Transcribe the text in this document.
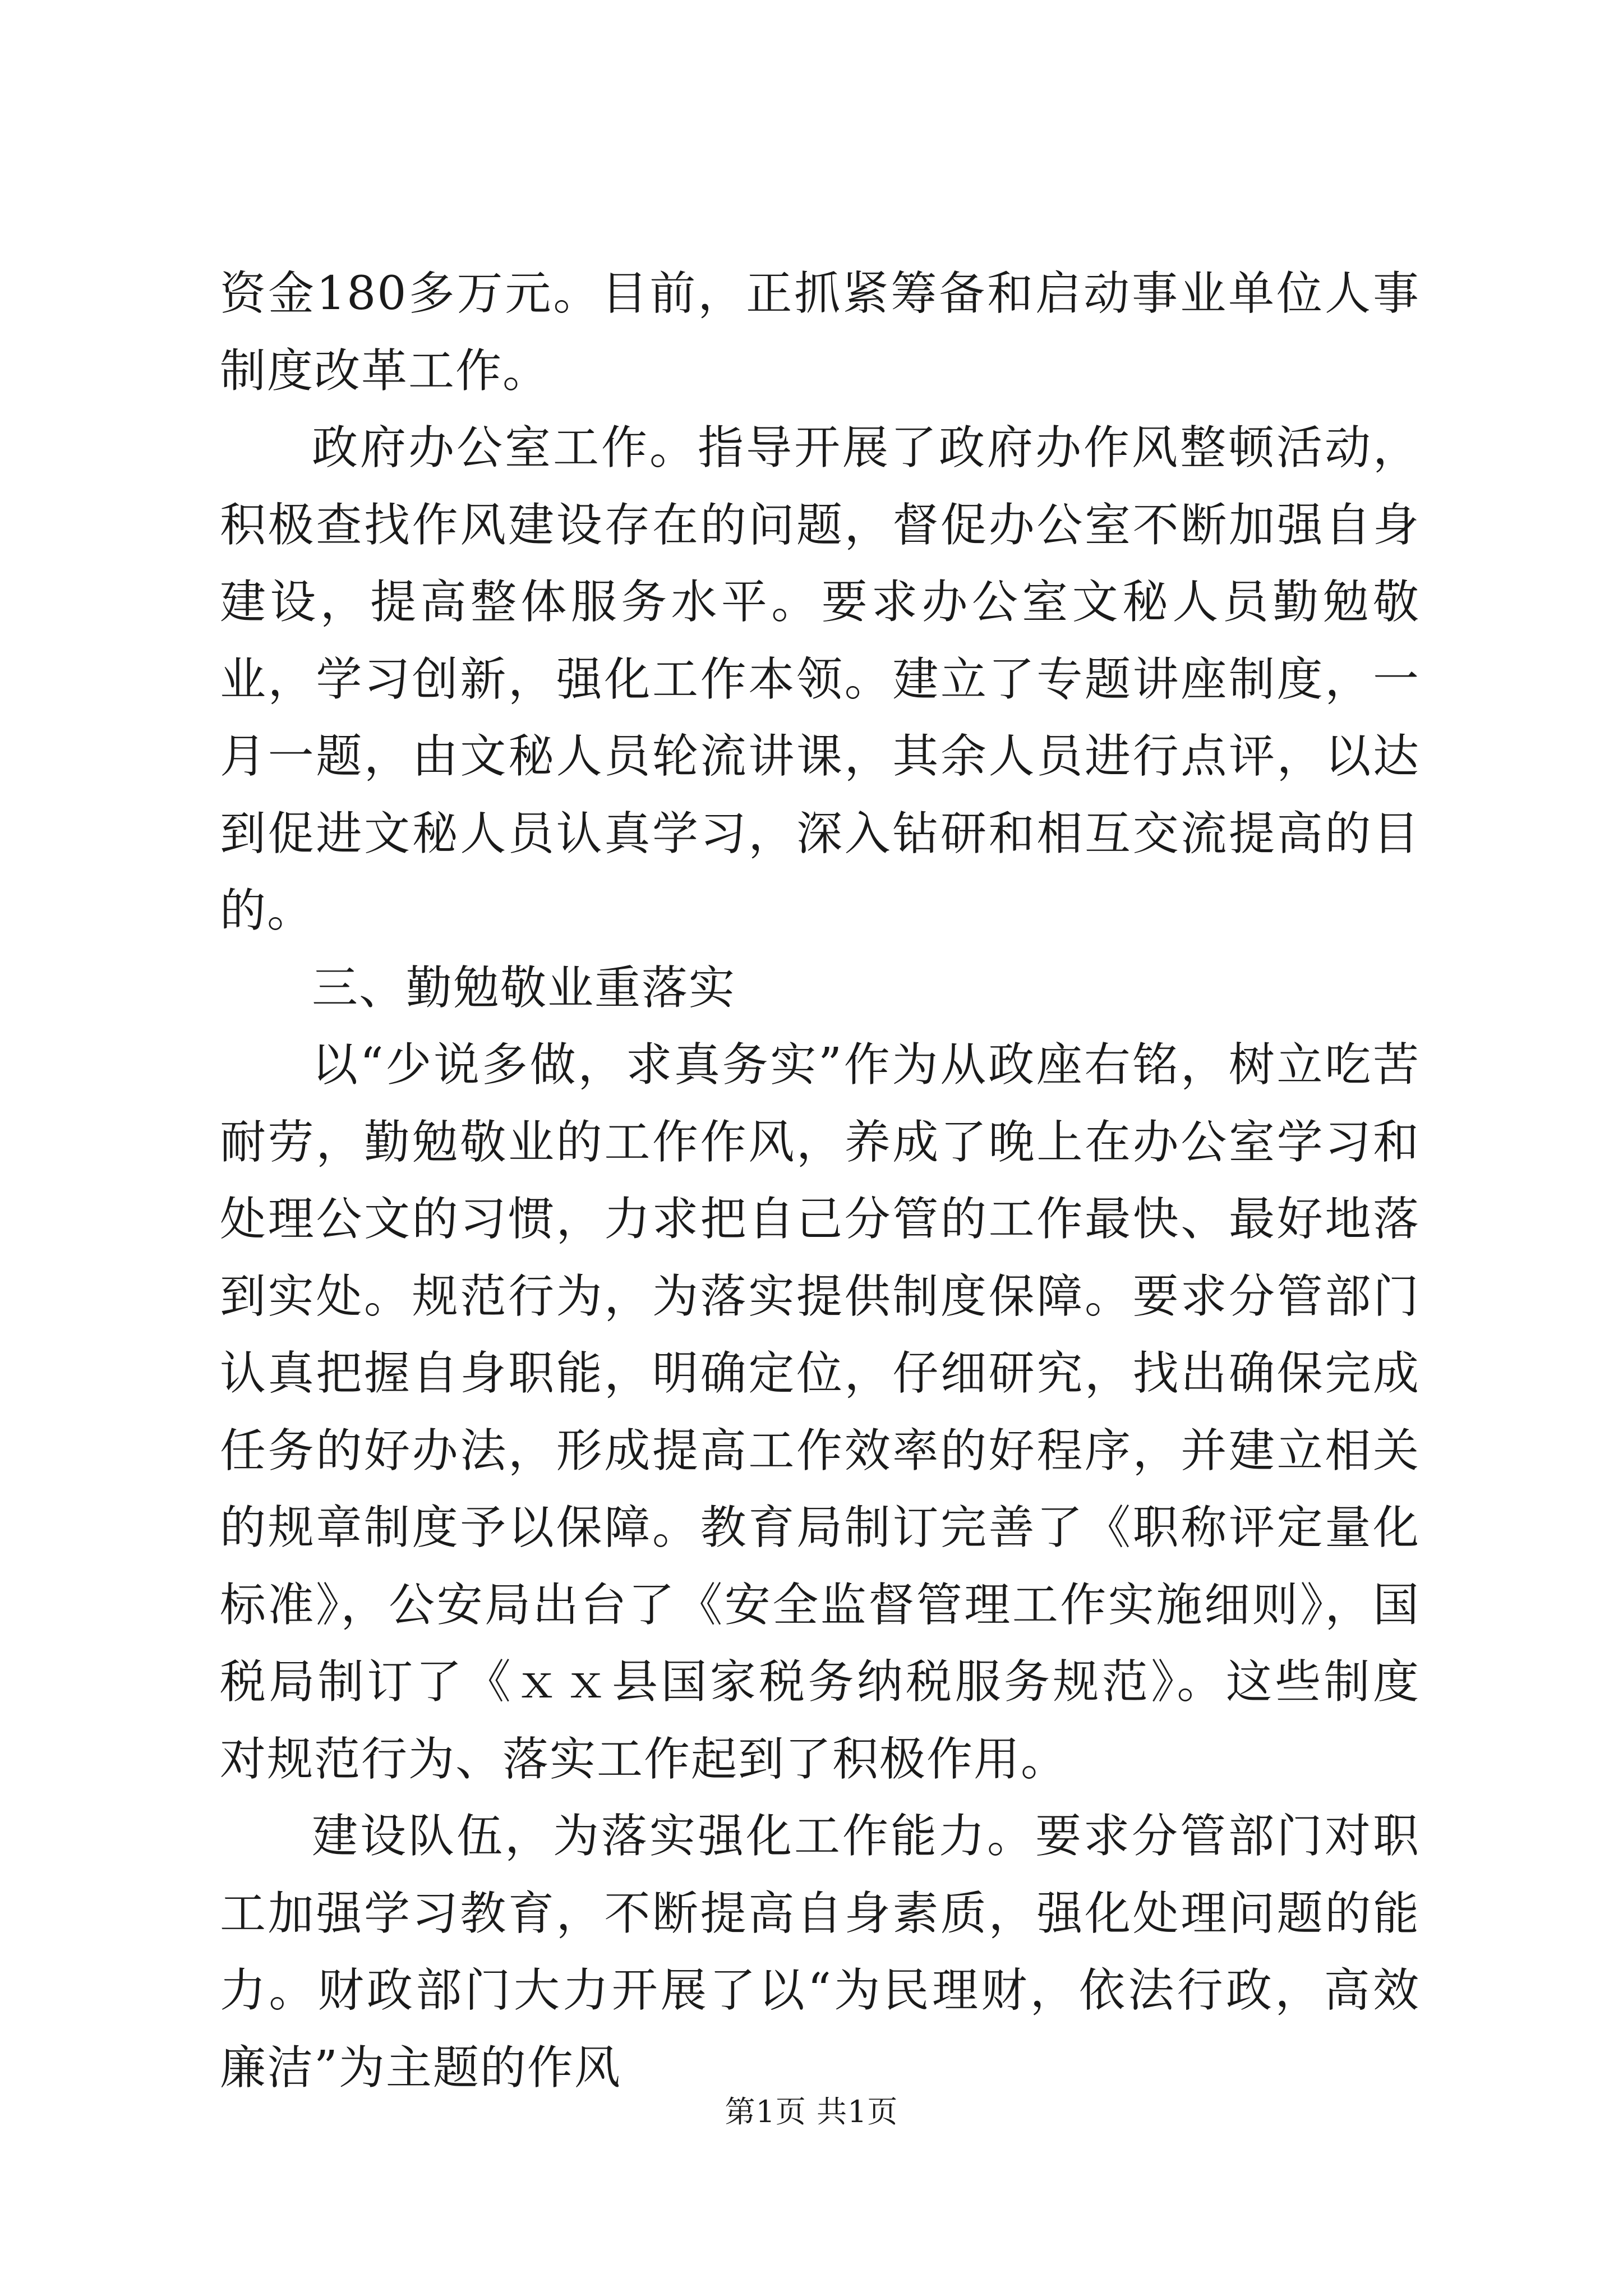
资金180多万元。目前，正抓紧筹备和启动事业单位人事制度改革工作。

政府办公室工作。指导开展了政府办作风整顿活动，积极查找作风建设存在的问题，督促办公室不断加强自身建设，提高整体服务水平。要求办公室文秘人员勤勉敬业，学习创新，强化工作本领。建立了专题讲座制度，一月一题，由文秘人员轮流讲课，其余人员进行点评，以达到促进文秘人员认真学习，深入钻研和相互交流提高的目的。

三、勤勉敬业重落实

以“少说多做，求真务实”作为从政座右铭，树立吃苦耐劳，勤勉敬业的工作作风，养成了晚上在办公室学习和处理公文的习惯，力求把自己分管的工作最快、最好地落到实处。规范行为，为落实提供制度保障。要求分管部门认真把握自身职能，明确定位，仔细研究，找出确保完成任务的好办法，形成提高工作效率的好程序，并建立相关的规章制度予以保障。教育局制订完善了《职称评定量化标准》，公安局出台了《安全监督管理工作实施细则》，国税局制订了《ｘｘ县国家税务纳税服务规范》。这些制度对规范行为、落实工作起到了积极作用。

建设队伍，为落实强化工作能力。要求分管部门对职工加强学习教育，不断提高自身素质，强化处理问题的能力。财政部门大力开展了以“为民理财，依法行政，高效廉洁”为主题的作风

第1页 共1页
